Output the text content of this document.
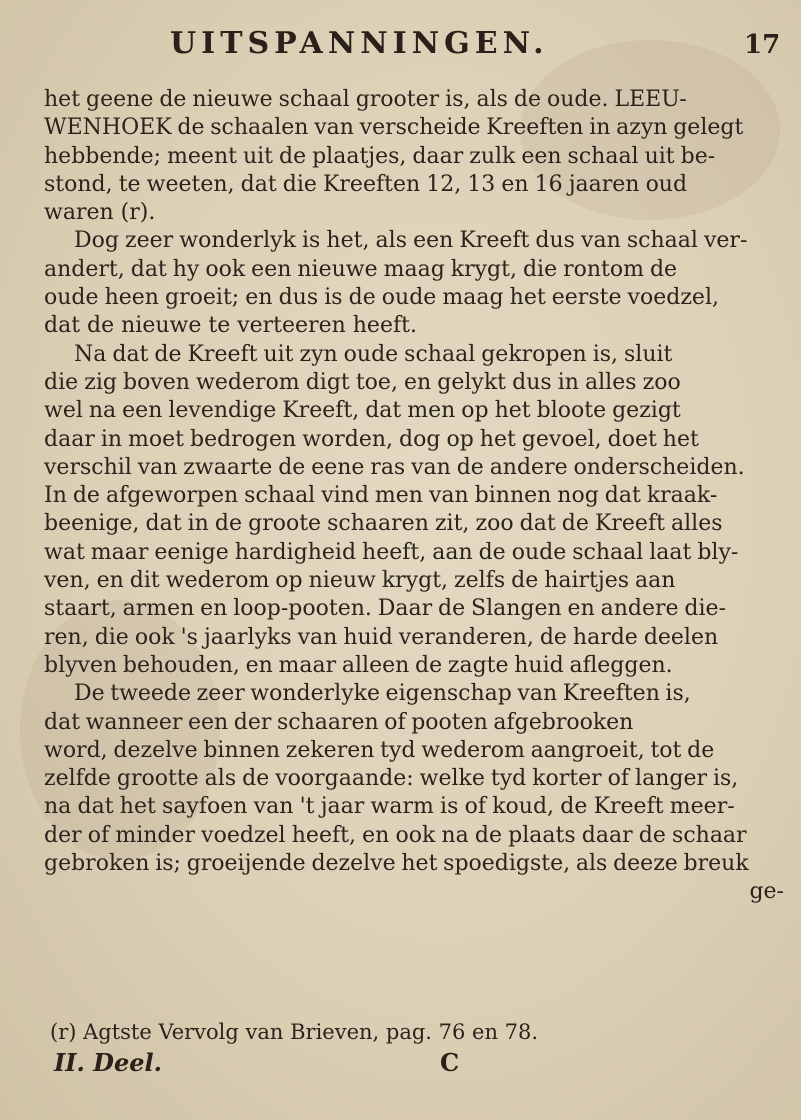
UITSPANNINGEN.	17
het geene de nieuwe schaal grooter is, als de oude. LEEU-
WENHOEK de schaalen van verscheide Kreeften in azyn gelegt
hebbende; meent uit de plaatjes, daar zulk een schaal uit be-
stond, te weeten, dat die Kreeften 12, 13 en 16 jaaren oud
waren (r).
Dog zeer wonderlyk is het, als een Kreeft dus van schaal ver-
andert, dat hy ook een nieuwe maag krygt, die rontom de
oude heen groeit; en dus is de oude maag het eerste voedzel,
dat de nieuwe te verteeren heeft.
Na dat de Kreeft uit zyn oude schaal gekropen is, sluit
die zig boven wederom digt toe, en gelykt dus in alles zoo
wel na een levendige Kreeft, dat men op het bloote gezigt
daar in moet bedrogen worden, dog op het gevoel, doet het
verschil van zwaarte de eene ras van de andere onderscheiden.
In de afgeworpen schaal vind men van binnen nog dat kraak-
beenige, dat in de groote schaaren zit, zoo dat de Kreeft alles
wat maar eenige hardigheid heeft, aan de oude schaal laat bly-
ven, en dit wederom op nieuw krygt, zelfs de hairtjes aan
staart, armen en loop-pooten. Daar de Slangen en andere die-
ren, die ook 's jaarlyks van huid veranderen, de harde deelen
blyven behouden, en maar alleen de zagte huid afleggen.
De tweede zeer wonderlyke eigenschap van Kreeften is,
dat wanneer een der schaaren of pooten afgebrooken
word, dezelve binnen zekeren tyd wederom aangroeit, tot de
zelfde grootte als de voorgaande: welke tyd korter of langer is,
na dat het sayfoen van 't jaar warm is of koud, de Kreeft meer-
der of minder voedzel heeft, en ook na de plaats daar de schaar
gebroken is; groeijende dezelve het spoedigste, als deeze breuk
ge-
(r) Agtste Vervolg van Brieven, pag. 76 en 78.
II. Deel.	C
